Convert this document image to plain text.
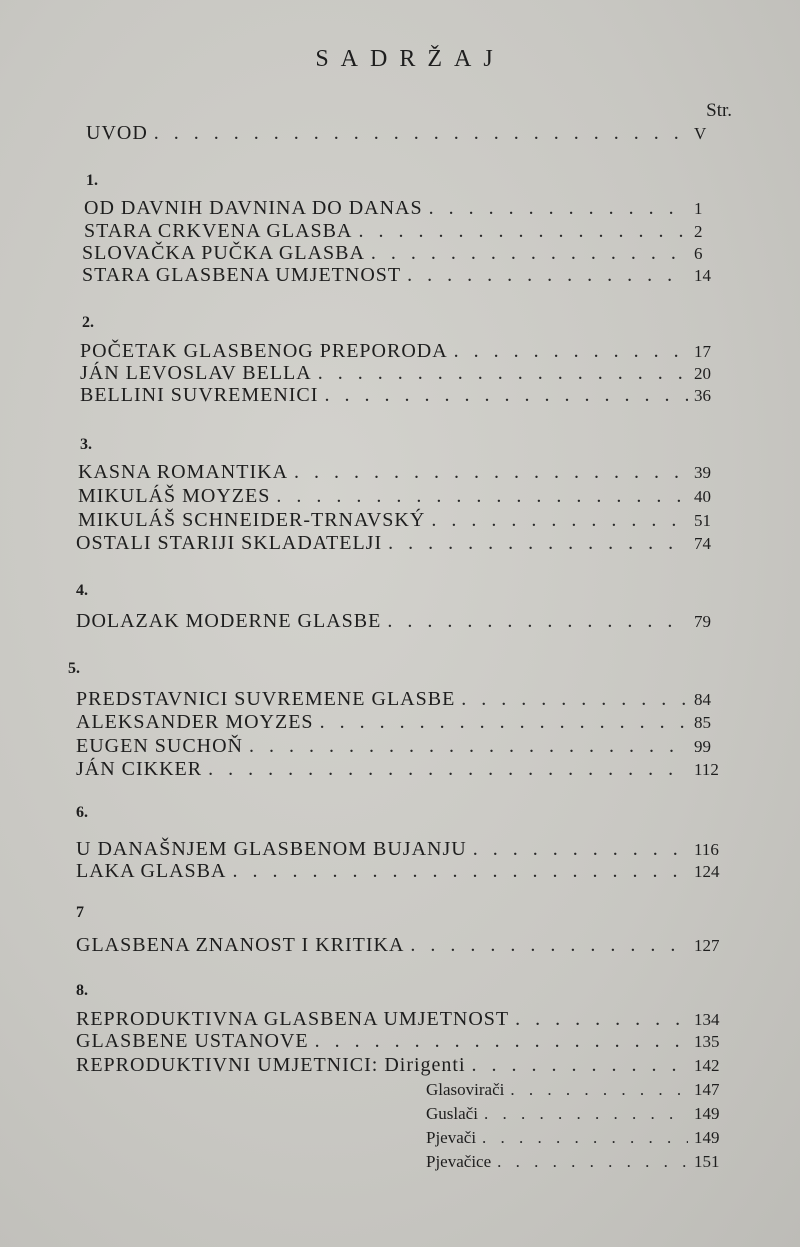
SADRŽAJ
Str.
UVOD . . .	V
1.
OD DAVNIH DAVNINA DO DANAS . . .	1
STARA CRKVENA GLASBA . . .	2
SLOVAČKA PUČKA GLASBA . . .	6
STARA GLASBENA UMJETNOST . . .	14
2.
POČETAK GLASBENOG PREPORODA . . .	17
JÁN LEVOSLAV BELLA . . .	20
BELLINI SUVREMENICI . . .	36
3.
KASNA ROMANTIKA . . .	39
MIKULÁŠ MOYZES . . .	40
MIKULÁŠ SCHNEIDER-TRNAVSKÝ . . .	51
OSTALI STARIJI SKLADATELJI . . .	74
4.
DOLAZAK MODERNE GLASBE . . .	79
5.
PREDSTAVNICI SUVREMENE GLASBE . . .	84
ALEKSANDER MOYZES . . .	85
EUGEN SUCHOŇ . . .	99
JÁN CIKKER . . .	112
6.
U DANAŠNJEM GLASBENOM BUJANJU . . .	116
LAKA GLASBA . . .	124
7
GLASBENA ZNANOST I KRITIKA . . .	127
8.
REPRODUKTIVNA GLASBENA UMJETNOST . . .	134
GLASBENE USTANOVE . . .	135
REPRODUKTIVNI UMJETNICI: Dirigenti . . .	142
Glasovirači . . .	147
Guslači . . .	149
Pjevači . . .	149
Pjevačice . . .	151
